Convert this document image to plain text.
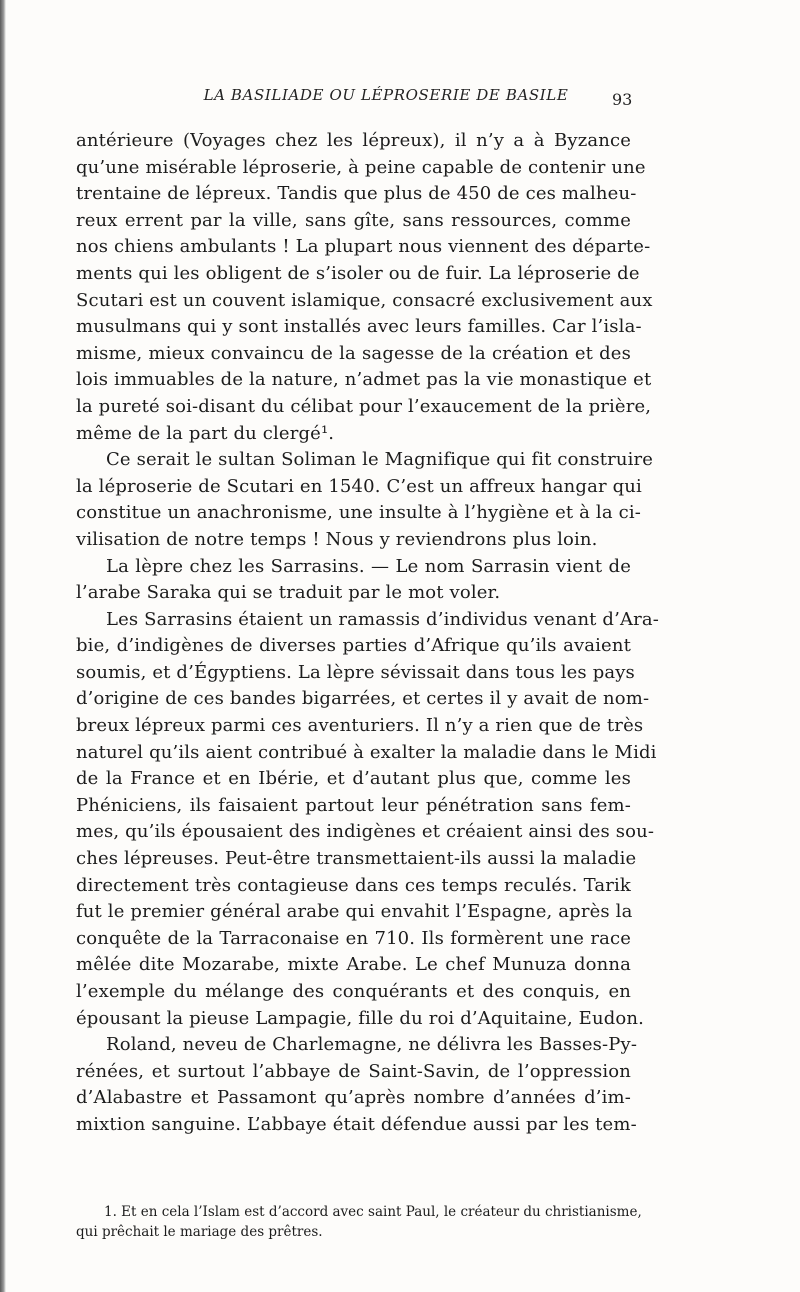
LA BASILIADE OU LÉPROSERIE DE BASILE	93
antérieure (Voyages chez les lépreux), il n’y a à Byzance
qu’une misérable léproserie, à peine capable de contenir une
trentaine de lépreux. Tandis que plus de 450 de ces malheu-
reux errent par la ville, sans gîte, sans ressources, comme
nos chiens ambulants ! La plupart nous viennent des départe-
ments qui les obligent de s’isoler ou de fuir. La léproserie de
Scutari est un couvent islamique, consacré exclusivement aux
musulmans qui y sont installés avec leurs familles. Car l’isla-
misme, mieux convaincu de la sagesse de la création et des
lois immuables de la nature, n’admet pas la vie monastique et
la pureté soi-disant du célibat pour l’exaucement de la prière,
même de la part du clergé¹.
Ce serait le sultan Soliman le Magnifique qui fit construire
la léproserie de Scutari en 1540. C’est un affreux hangar qui
constitue un anachronisme, une insulte à l’hygiène et à la ci-
vilisation de notre temps ! Nous y reviendrons plus loin.
La lèpre chez les Sarrasins. — Le nom Sarrasin vient de
l’arabe Saraka qui se traduit par le mot voler.
Les Sarrasins étaient un ramassis d’individus venant d’Ara-
bie, d’indigènes de diverses parties d’Afrique qu’ils avaient
soumis, et d’Égyptiens. La lèpre sévissait dans tous les pays
d’origine de ces bandes bigarrées, et certes il y avait de nom-
breux lépreux parmi ces aventuriers. Il n’y a rien que de très
naturel qu’ils aient contribué à exalter la maladie dans le Midi
de la France et en Ibérie, et d’autant plus que, comme les
Phéniciens, ils faisaient partout leur pénétration sans fem-
mes, qu’ils épousaient des indigènes et créaient ainsi des sou-
ches lépreuses. Peut-être transmettaient-ils aussi la maladie
directement très contagieuse dans ces temps reculés. Tarik
fut le premier général arabe qui envahit l’Espagne, après la
conquête de la Tarraconaise en 710. Ils formèrent une race
mêlée dite Mozarabe, mixte Arabe. Le chef Munuza donna
l’exemple du mélange des conquérants et des conquis, en
épousant la pieuse Lampagie, fille du roi d’Aquitaine, Eudon.
Roland, neveu de Charlemagne, ne délivra les Basses-Py-
rénées, et surtout l’abbaye de Saint-Savin, de l’oppression
d’Alabastre et Passamont qu’après nombre d’années d’im-
mixtion sanguine. L’abbaye était défendue aussi par les tem-
1. Et en cela l’Islam est d’accord avec saint Paul, le créateur du christianisme,
qui prêchait le mariage des prêtres.
